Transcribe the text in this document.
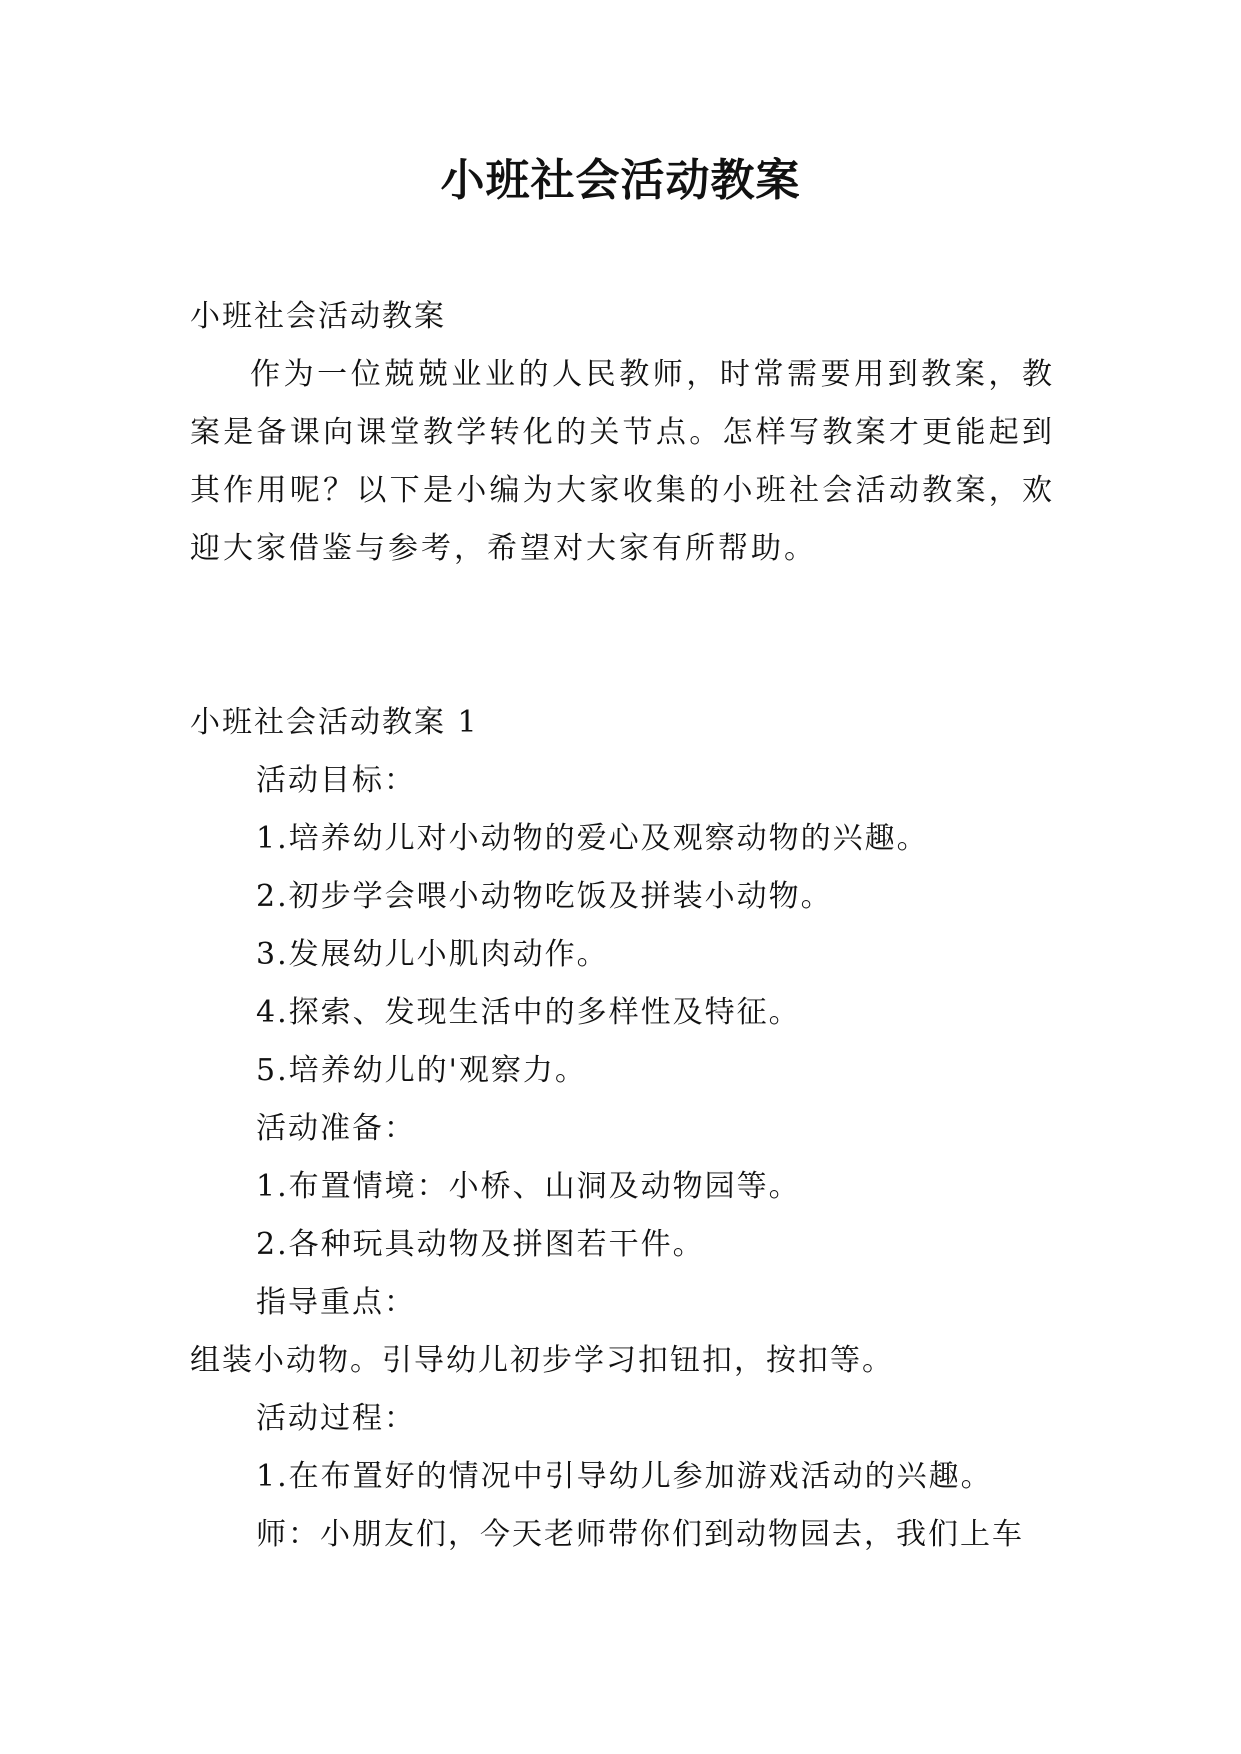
小班社会活动教案
小班社会活动教案

作为一位兢兢业业的人民教师，时常需要用到教案，教案是备课向课堂教学转化的关节点。怎样写教案才更能起到其作用呢？以下是小编为大家收集的小班社会活动教案，欢迎大家借鉴与参考，希望对大家有所帮助。

小班社会活动教案 1
活动目标：
1.培养幼儿对小动物的爱心及观察动物的兴趣。
2.初步学会喂小动物吃饭及拼装小动物。
3.发展幼儿小肌肉动作。
4.探索、发现生活中的多样性及特征。
5.培养幼儿的'观察力。
活动准备：
1.布置情境：小桥、山洞及动物园等。
2.各种玩具动物及拼图若干件。
指导重点：
组装小动物。引导幼儿初步学习扣钮扣，按扣等。
活动过程：
1.在布置好的情况中引导幼儿参加游戏活动的兴趣。
师：小朋友们，今天老师带你们到动物园去，我们上车
